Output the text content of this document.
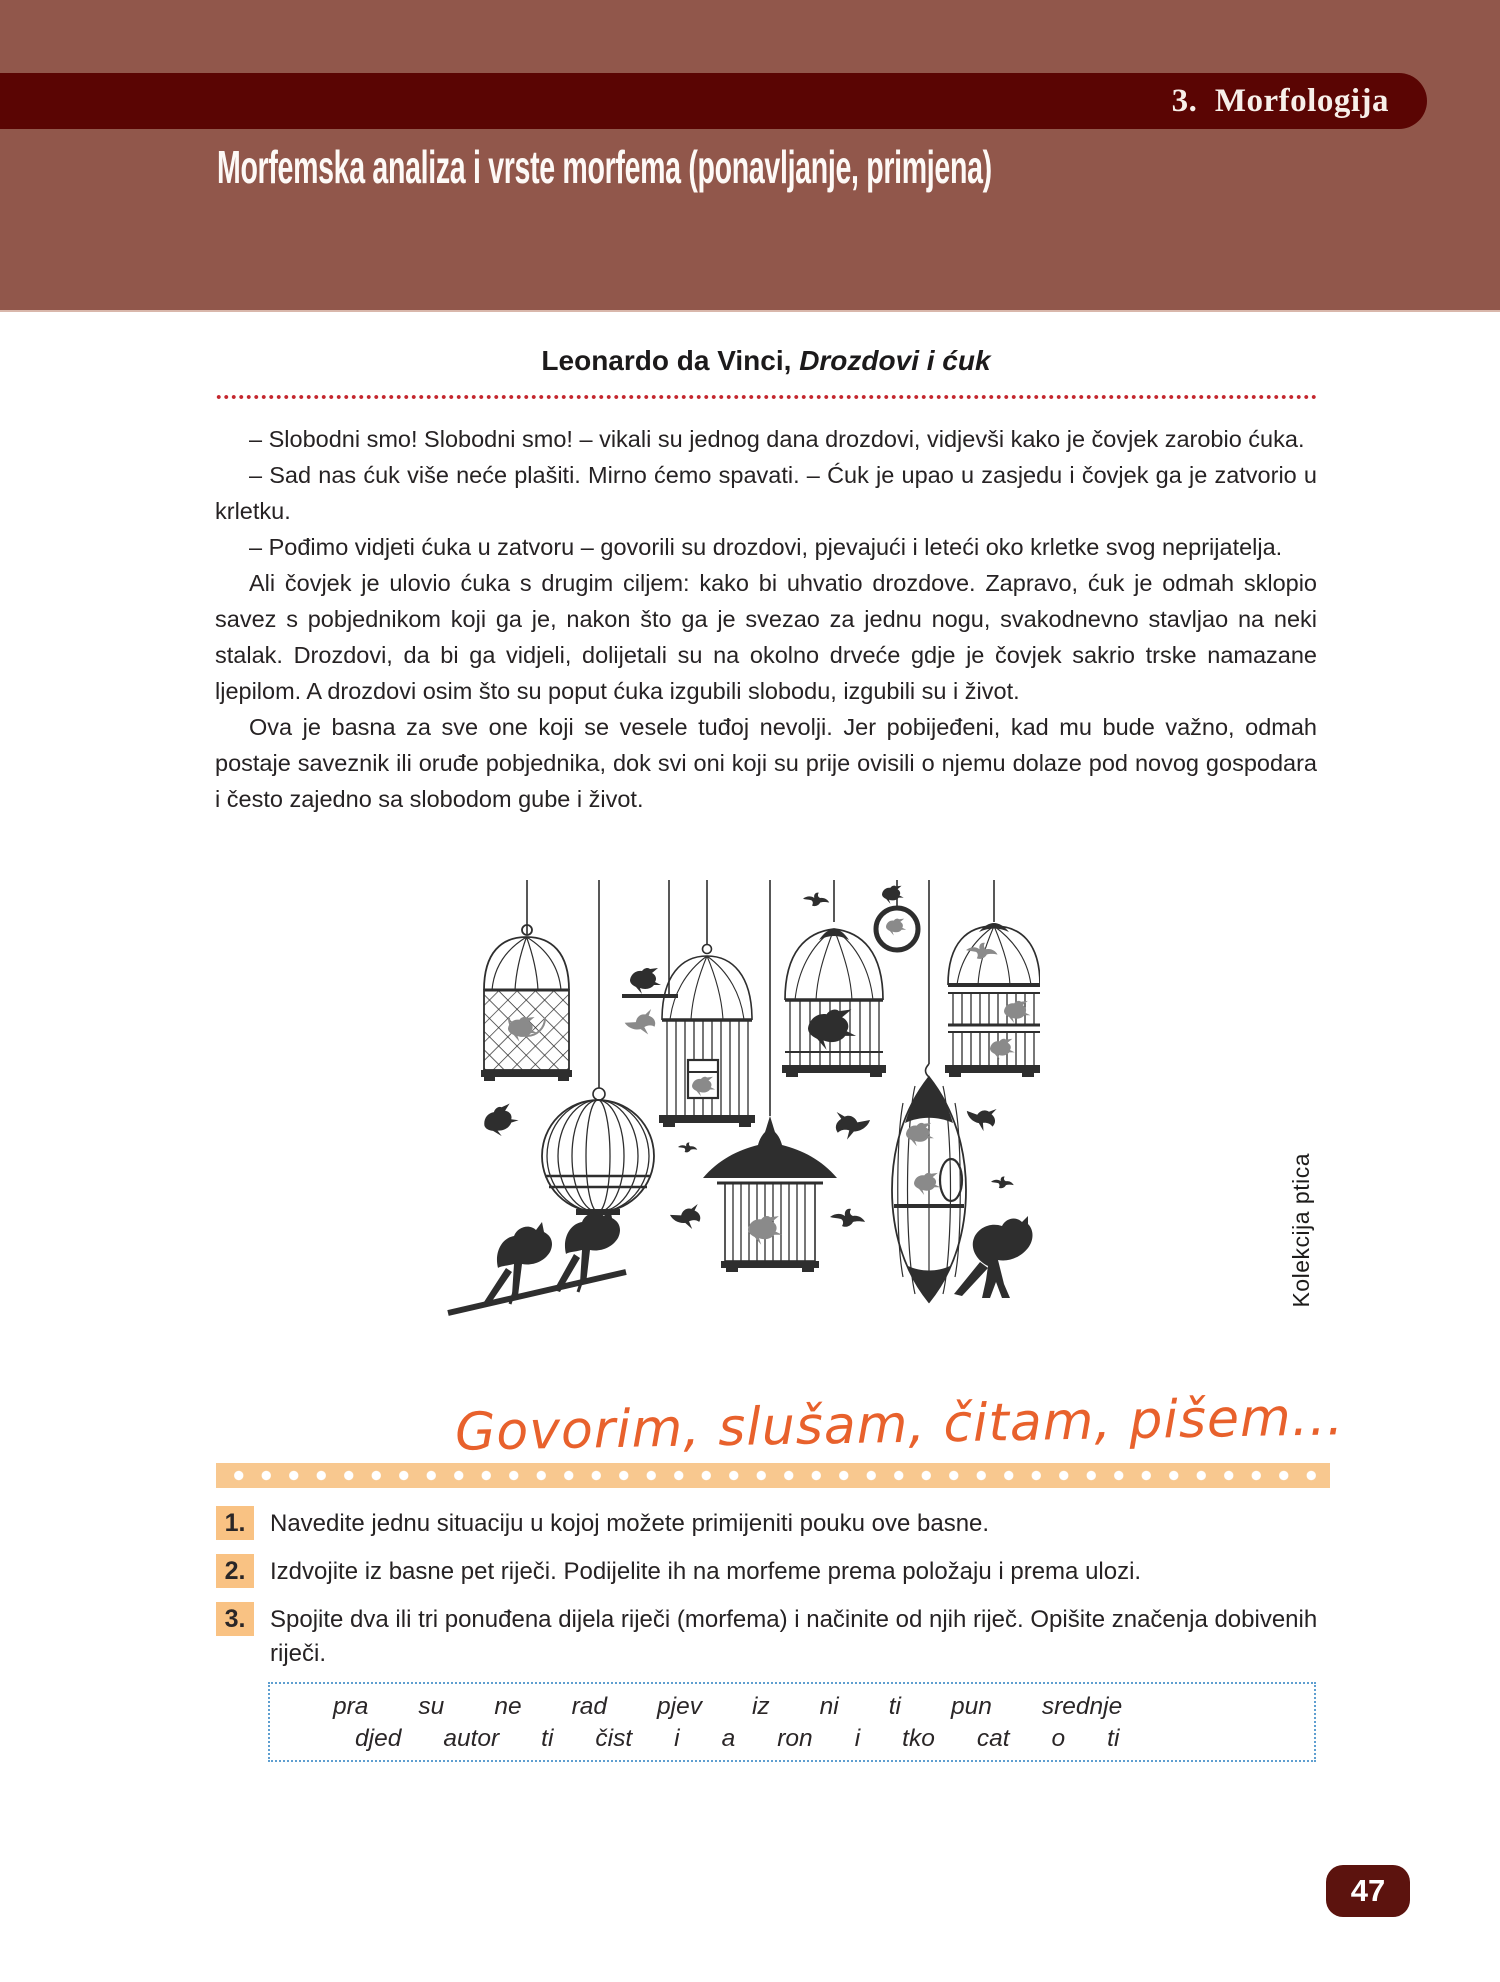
3.  Morfologija
Morfemska analiza i vrste morfema (ponavljanje, primjena)
Leonardo da Vinci, Drozdovi i ćuk

– Slobodni smo! Slobodni smo! – vikali su jednog dana drozdovi, vidjevši kako je čovjek zarobio ćuka.

– Sad nas ćuk više neće plašiti. Mirno ćemo spavati. – Ćuk je upao u zasjedu i čovjek ga je zatvorio u krletku.

– Pođimo vidjeti ćuka u zatvoru – govorili su drozdovi, pjevajući i leteći oko krletke svog neprijatelja.

Ali čovjek je ulovio ćuka s drugim ciljem: kako bi uhvatio drozdove. Zapravo, ćuk je odmah sklopio savez s pobjednikom koji ga je, nakon što ga je svezao za jednu nogu, svakodnevno stavljao na neki stalak. Drozdovi, da bi ga vidjeli, dolijetali su na okolno drveće gdje je čovjek sakrio trske namazane ljepilom. A drozdovi osim što su poput ćuka izgubili slobodu, izgubili su i život.

Ova je basna za sve one koji se vesele tuđoj nevolji. Jer pobijeđeni, kad mu bude važno, odmah postaje saveznik ili oruđe pobjednika, dok svi oni koji su prije ovisili o njemu dolaze pod novog gospodara i često zajedno sa slobodom gube i život.

Kolekcija ptica
Govorim, slušam, čitam, pišem...
1.	Navedite jednu situaciju u kojoj možete primijeniti pouku ove basne.
2.	Izdvojite iz basne pet riječi. Podijelite ih na morfeme prema položaju i prema ulozi.
3.	Spojite dva ili tri ponuđena dijela riječi (morfema) i načinite od njih riječ. Opišite značenja dobivenih riječi.
pra su ne rad pjev iz ni ti pun srednje
djed autor ti čist i a ron i tko cat o ti
47
